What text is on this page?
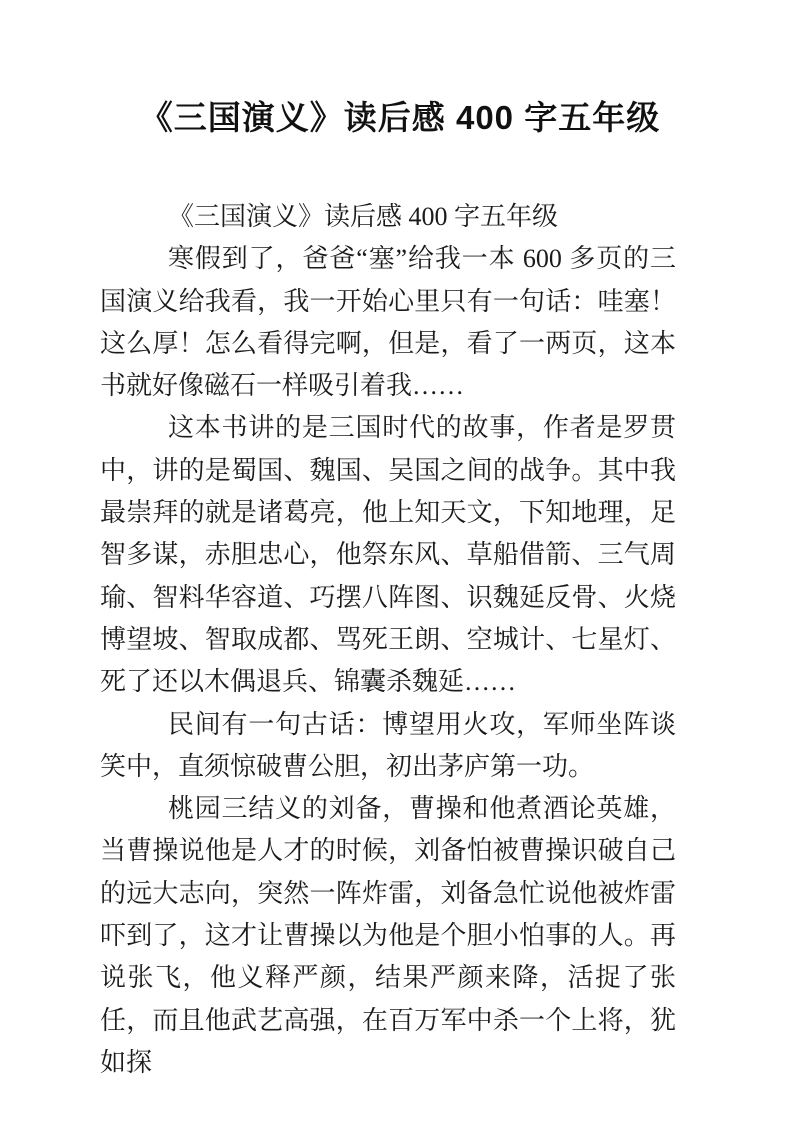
《三国演义》读后感 400 字五年级

《三国演义》读后感 400 字五年级

寒假到了，爸爸“塞”给我一本 600 多页的三国演义给我看，我一开始心里只有一句话：哇塞！这么厚！怎么看得完啊，但是，看了一两页，这本书就好像磁石一样吸引着我……

这本书讲的是三国时代的故事，作者是罗贯中，讲的是蜀国、魏国、吴国之间的战争。其中我最崇拜的就是诸葛亮，他上知天文，下知地理，足智多谋，赤胆忠心，他祭东风、草船借箭、三气周瑜、智料华容道、巧摆八阵图、识魏延反骨、火烧博望坡、智取成都、骂死王朗、空城计、七星灯、死了还以木偶退兵、锦囊杀魏延……

民间有一句古话：博望用火攻，军师坐阵谈笑中，直须惊破曹公胆，初出茅庐第一功。

桃园三结义的刘备，曹操和他煮酒论英雄，当曹操说他是人才的时候，刘备怕被曹操识破自己的远大志向，突然一阵炸雷，刘备急忙说他被炸雷吓到了，这才让曹操以为他是个胆小怕事的人。再说张飞，他义释严颜，结果严颜来降，活捉了张任，而且他武艺高强，在百万军中杀一个上将，犹如探
